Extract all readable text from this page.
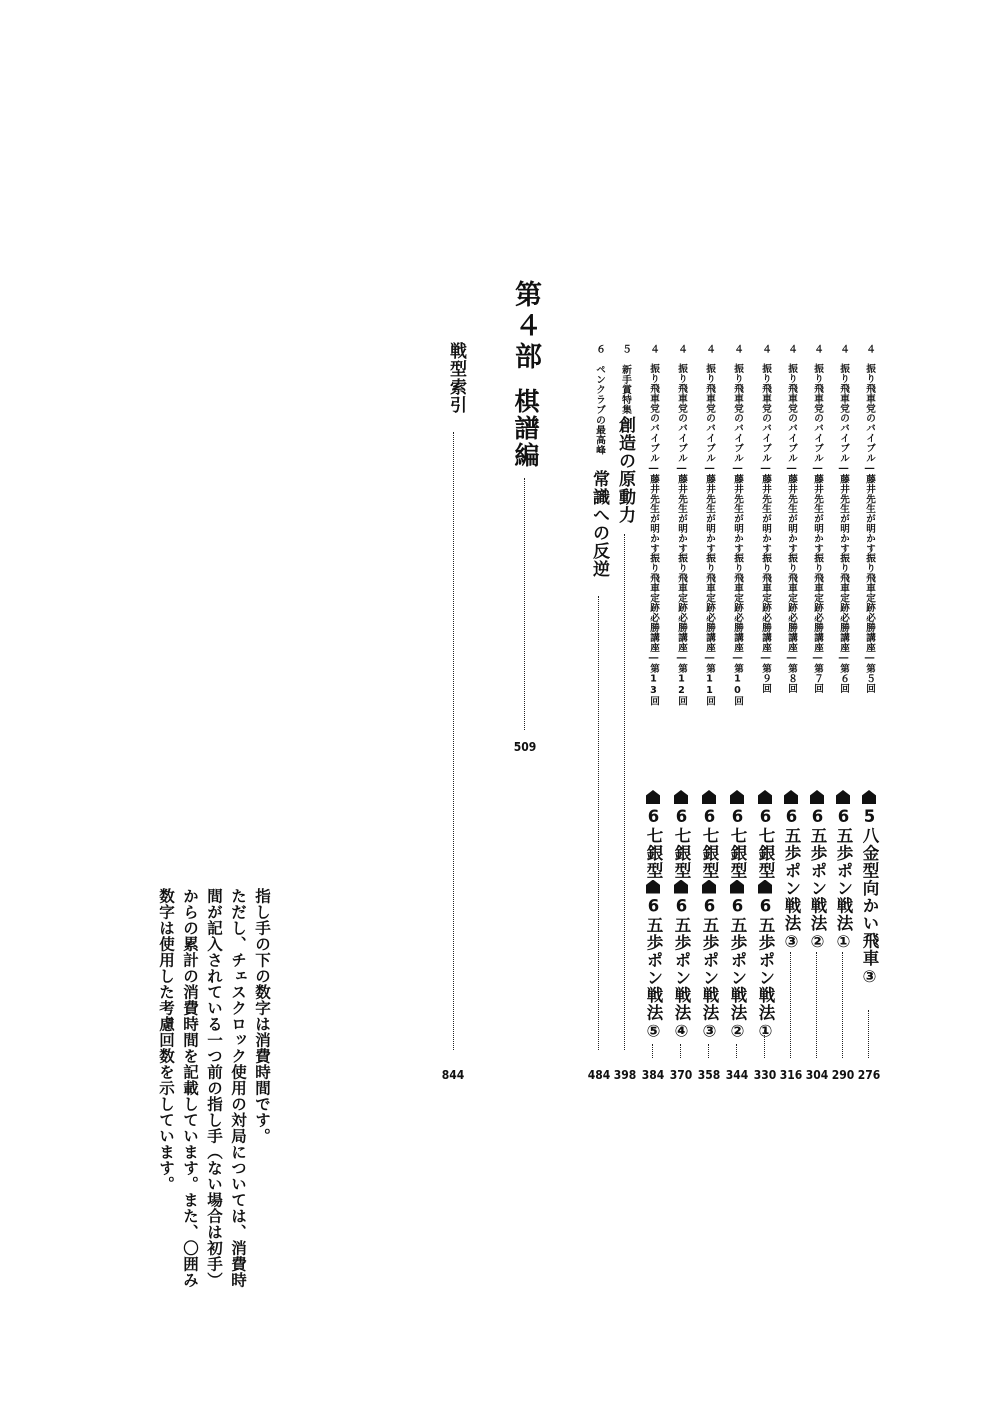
第４部
棋譜編
509
戦型索引
844
６　ペンクラブの最高峰
常識への反逆
484
５　新手賞特集
創造の原動力
398
４　振り飛車党のバイブル―藤井先生が明かす振り飛車定跡必勝講座―第13回
6七銀型6五歩ポン戦法⑤
384
４　振り飛車党のバイブル―藤井先生が明かす振り飛車定跡必勝講座―第12回
6七銀型6五歩ポン戦法④
370
４　振り飛車党のバイブル―藤井先生が明かす振り飛車定跡必勝講座―第11回
6七銀型6五歩ポン戦法③
358
４　振り飛車党のバイブル―藤井先生が明かす振り飛車定跡必勝講座―第10回
6七銀型6五歩ポン戦法②
344
４　振り飛車党のバイブル―藤井先生が明かす振り飛車定跡必勝講座―第９回
6七銀型6五歩ポン戦法①
330
４　振り飛車党のバイブル―藤井先生が明かす振り飛車定跡必勝講座―第８回
6五歩ポン戦法③
316
４　振り飛車党のバイブル―藤井先生が明かす振り飛車定跡必勝講座―第７回
6五歩ポン戦法②
304
４　振り飛車党のバイブル―藤井先生が明かす振り飛車定跡必勝講座―第６回
6五歩ポン戦法①
290
４　振り飛車党のバイブル―藤井先生が明かす振り飛車定跡必勝講座―第５回
5八金型向かい飛車③
276
指し手の下の数字は消費時間です。
ただし、チェスクロック使用の対局については、消費時
間が記入されている一つ前の指し手（ない場合は初手）
からの累計の消費時間を記載しています。また、〇囲み
数字は使用した考慮回数を示しています。
